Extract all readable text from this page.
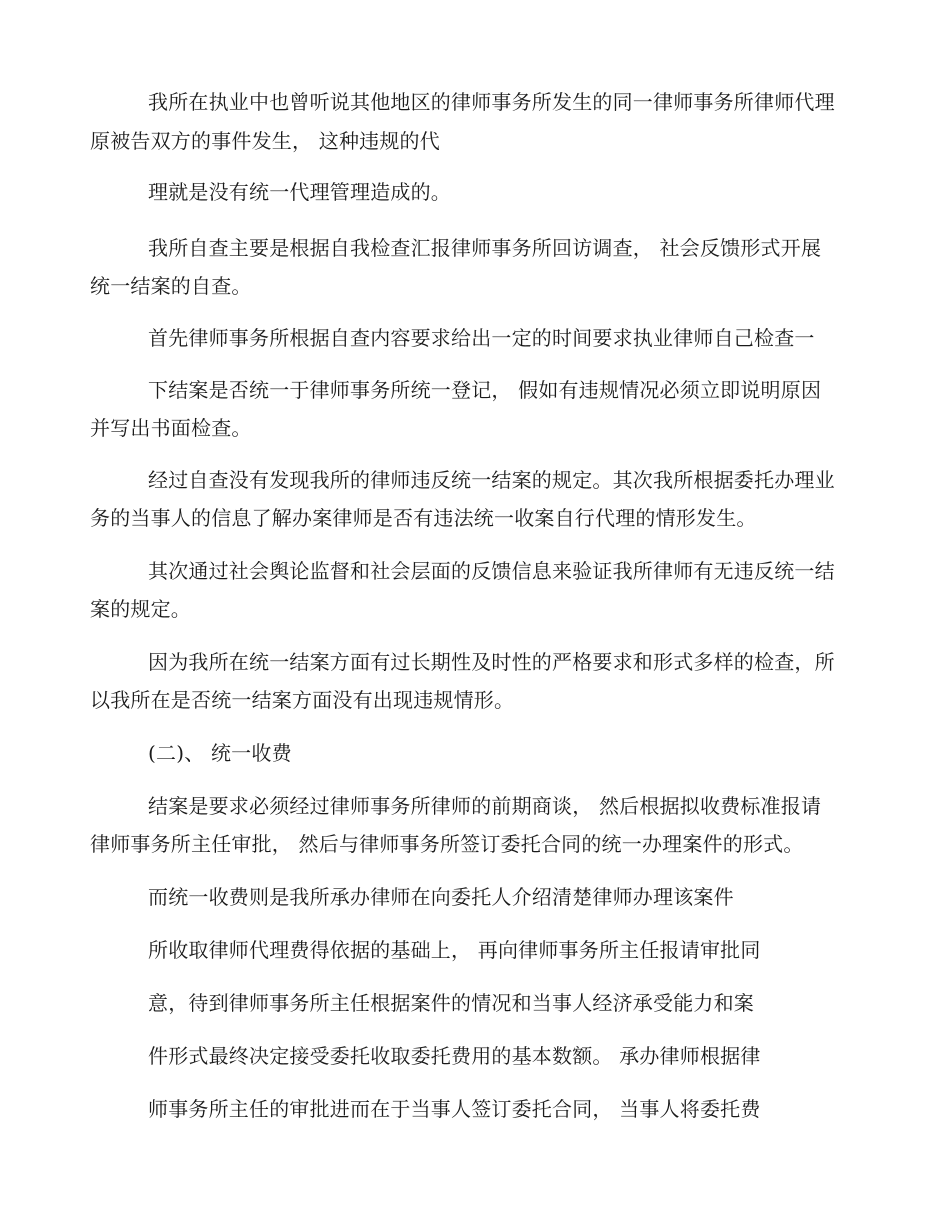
我所在执业中也曾听说其他地区的律师事务所发生的同一律师事务所律师代理
原被告双方的事件发生， 这种违规的代
理就是没有统一代理管理造成的。
我所自查主要是根据自我检查汇报律师事务所回访调查， 社会反馈形式开展
统一结案的自查。
首先律师事务所根据自查内容要求给出一定的时间要求执业律师自己检查一
下结案是否统一于律师事务所统一登记， 假如有违规情况必须立即说明原因
并写出书面检查。
经过自查没有发现我所的律师违反统一结案的规定。其次我所根据委托办理业
务的当事人的信息了解办案律师是否有违法统一收案自行代理的情形发生。
其次通过社会舆论监督和社会层面的反馈信息来验证我所律师有无违反统一结
案的规定。
因为我所在统一结案方面有过长期性及时性的严格要求和形式多样的检查，所
以我所在是否统一结案方面没有出现违规情形。
(二)、 统一收费
结案是要求必须经过律师事务所律师的前期商谈， 然后根据拟收费标准报请
律师事务所主任审批， 然后与律师事务所签订委托合同的统一办理案件的形式。
而统一收费则是我所承办律师在向委托人介绍清楚律师办理该案件
所收取律师代理费得依据的基础上， 再向律师事务所主任报请审批同
意，待到律师事务所主任根据案件的情况和当事人经济承受能力和案
件形式最终决定接受委托收取委托费用的基本数额。 承办律师根据律
师事务所主任的审批进而在于当事人签订委托合同， 当事人将委托费
